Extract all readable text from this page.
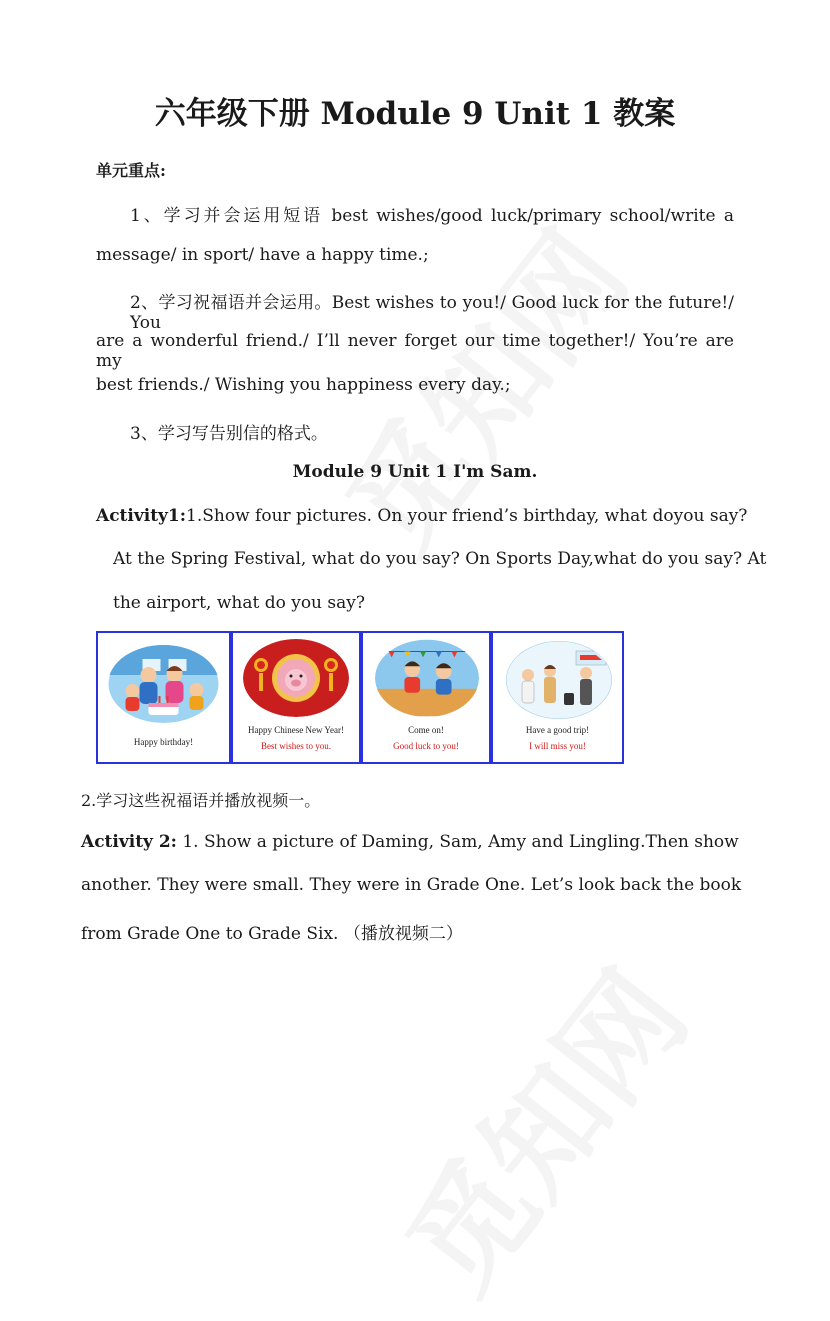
六年级下册 Module 9 Unit 1 教案
单元重点:
1、学习并会运用短语 best wishes/good luck/primary school/write a
message/ in sport/ have a happy time.;
2、学习祝福语并会运用。Best wishes to you!/ Good luck for the future!/ You
are a wonderful friend./ I’ll never forget our time together!/ You’re are my
best friends./ Wishing you happiness every day.;
3、学习写告别信的格式。
Module 9 Unit 1 I'm Sam.
Activity1:1.Show four pictures. On your friend’s birthday, what doyou say?
At the Spring Festival, what do you say? On Sports Day,what do you say? At
the airport, what do you say?
Happy birthday!
Happy Chinese New Year!
Best wishes to you.
Come on!
Good luck to you!
Have a good trip!
I will miss you!
2.学习这些祝福语并播放视频一。
Activity 2: 1. Show a picture of Daming, Sam, Amy and Lingling.Then show
another. They were small. They were in Grade One. Let’s look back the book
from Grade One to Grade Six. （播放视频二）
